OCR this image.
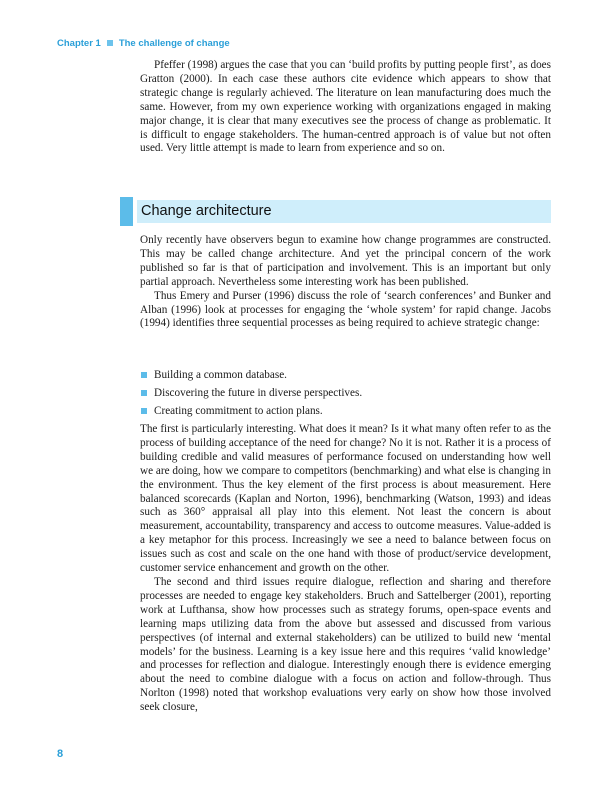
Chapter 1 The challenge of change

Pfeffer (1998) argues the case that you can ‘build profits by putting people first’, as does Gratton (2000). In each case these authors cite evidence which appears to show that strategic change is regularly achieved. The literature on lean manufacturing does much the same. However, from my own experience working with organizations engaged in making major change, it is clear that many executives see the process of change as problematic. It is difficult to engage stakeholders. The human-centred approach is of value but not often used. Very little attempt is made to learn from experience and so on.

Change architecture

Only recently have observers begun to examine how change programmes are constructed. This may be called change architecture. And yet the principal concern of the work published so far is that of participation and involvement. This is an important but only partial approach. Nevertheless some interesting work has been published.

Thus Emery and Purser (1996) discuss the role of ‘search conferences’ and Bunker and Alban (1996) look at processes for engaging the ‘whole system’ for rapid change. Jacobs (1994) identifies three sequential processes as being required to achieve strategic change:

Building a common database.
Discovering the future in diverse perspectives.
Creating commitment to action plans.

The first is particularly interesting. What does it mean? Is it what many often refer to as the process of building acceptance of the need for change? No it is not. Rather it is a process of building credible and valid measures of performance focused on understanding how well we are doing, how we compare to competitors (benchmarking) and what else is changing in the environment. Thus the key element of the first process is about measurement. Here balanced scorecards (Kaplan and Norton, 1996), benchmarking (Watson, 1993) and ideas such as 360° appraisal all play into this element. Not least the concern is about measurement, accountability, transparency and access to outcome measures. Value-added is a key metaphor for this process. Increasingly we see a need to balance between focus on issues such as cost and scale on the one hand with those of product/service development, customer service enhancement and growth on the other.

The second and third issues require dialogue, reflection and sharing and therefore processes are needed to engage key stakeholders. Bruch and Sattelberger (2001), reporting work at Lufthansa, show how processes such as strategy forums, open-space events and learning maps utilizing data from the above but assessed and discussed from various perspectives (of internal and external stakeholders) can be utilized to build new ‘mental models’ for the business. Learning is a key issue here and this requires ‘valid knowledge’ and processes for reflection and dialogue. Interestingly enough there is evidence emerging about the need to combine dialogue with a focus on action and follow-through. Thus Norlton (1998) noted that workshop evaluations very early on show how those involved seek closure,

8
